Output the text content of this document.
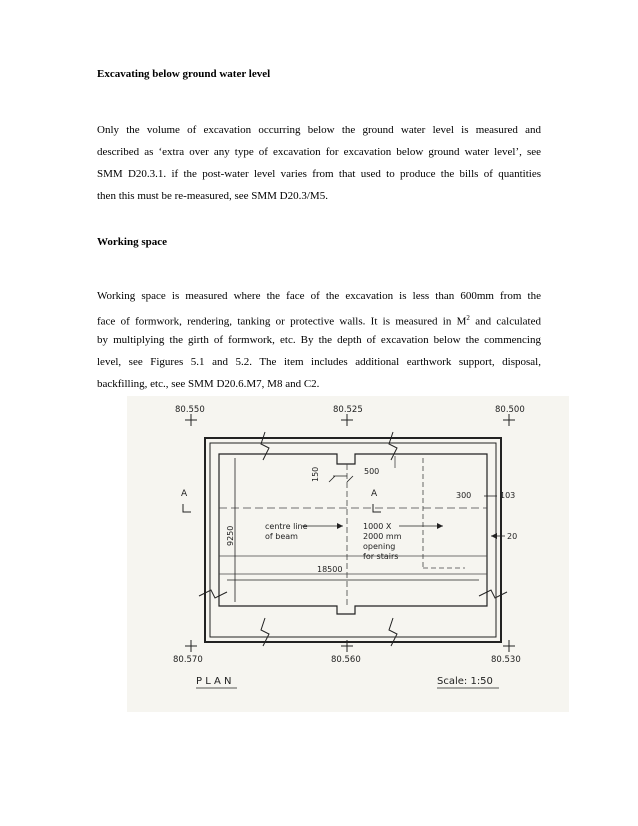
Excavating below ground water level
Only the volume of excavation occurring below the ground water level is measured and
described as ‘extra over any type of excavation for excavation below ground water level’, see
SMM D20.3.1. if the post-water level varies from that used to produce the bills of quantities
then this must be re-measured, see SMM D20.3/M5.
Working space
Working space is measured where the face of the excavation is less than 600mm from the
face of formwork, rendering, tanking or protective walls. It is measured in $M^2$ and calculated
by multiplying the girth of formwork, etc. By the depth of excavation below the commencing
level, see Figures 5.1 and 5.2. The item includes additional earthwork support, disposal,
backfilling, etc., see SMM D20.6.M7, M8 and C2.
80.550	80.525	80.500
80.570	80.560	80.530
150	500
300	103
20
9250
18500
A	A
centre line
of beam
1000 X
2000 mm
opening
for stairs
P L A N	Scale: 1:50
